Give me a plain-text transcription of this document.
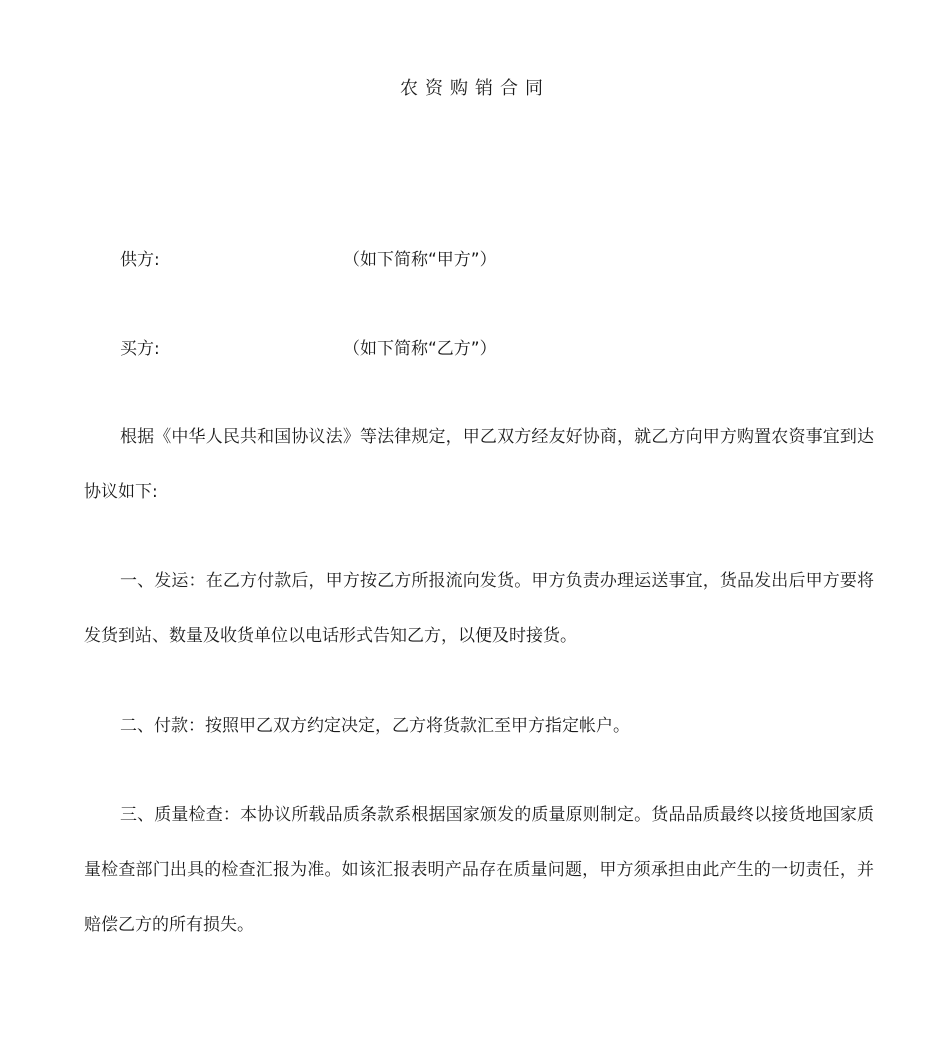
农资购销合同
供方:	（如下简称“甲方”）
买方:	（如下简称“乙方”）

根据《中华人民共和国协议法》等法律规定，甲乙双方经友好协商，就乙方向甲方购置农资事宜到达协议如下:

一、发运：在乙方付款后，甲方按乙方所报流向发货。甲方负责办理运送事宜，货品发出后甲方要将发货到站、数量及收货单位以电话形式告知乙方，以便及时接货。

二、付款：按照甲乙双方约定决定，乙方将货款汇至甲方指定帐户。

三、质量检查：本协议所载品质条款系根据国家颁发的质量原则制定。货品品质最终以接货地国家质量检查部门出具的检查汇报为准。如该汇报表明产品存在质量问题，甲方须承担由此产生的一切责任，并赔偿乙方的所有损失。
